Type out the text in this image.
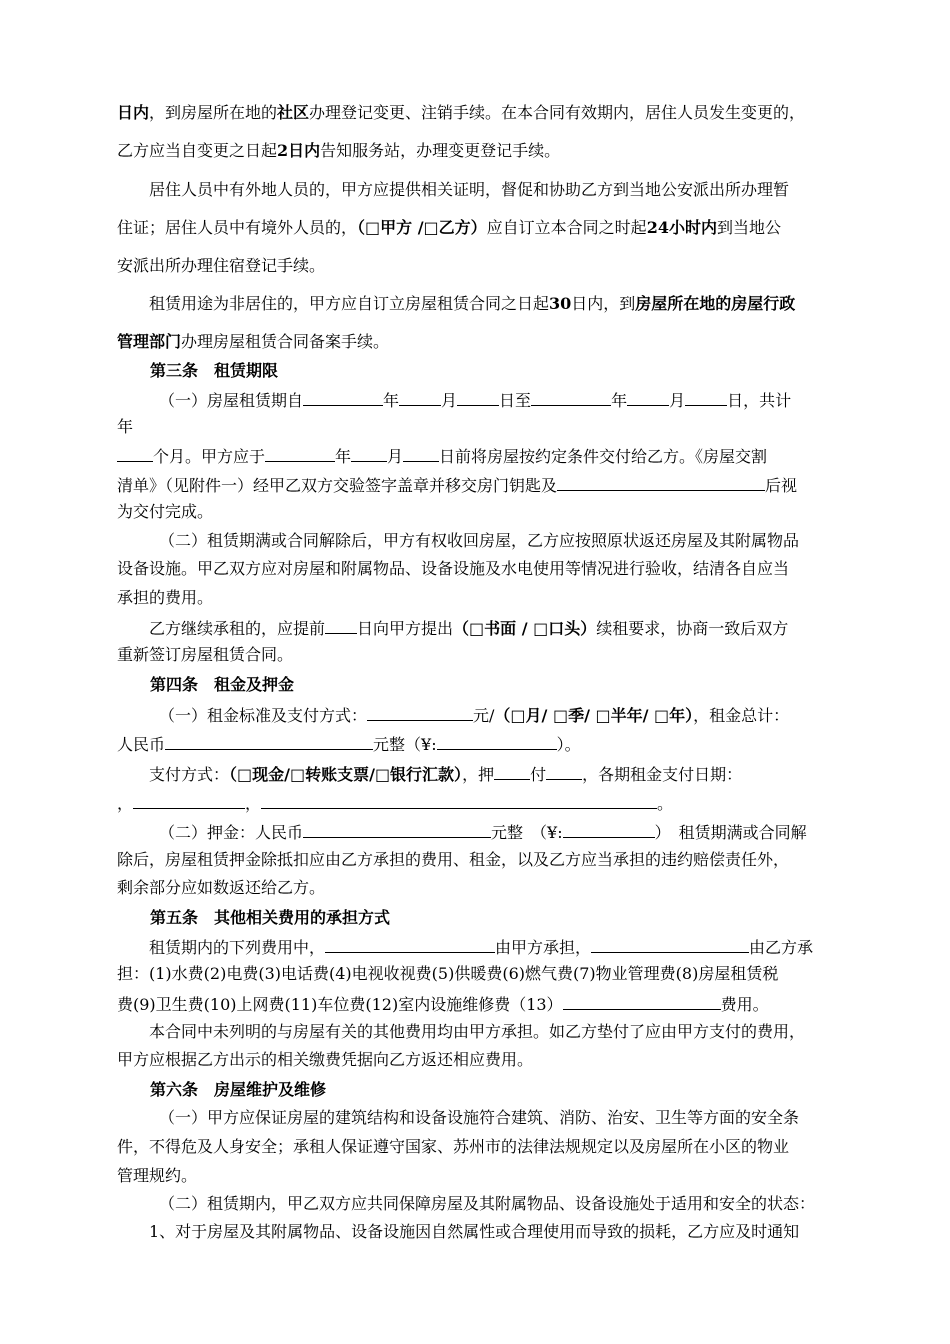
日内，到房屋所在地的社区办理登记变更、注销手续。在本合同有效期内，居住人员发生变更的，
乙方应当自变更之日起2日内告知服务站，办理变更登记手续。
居住人员中有外地人员的，甲方应提供相关证明，督促和协助乙方到当地公安派出所办理暂
住证；居住人员中有境外人员的，（□甲方 /□乙方）应自订立本合同之时起24小时内到当地公
安派出所办理住宿登记手续。
租赁用途为非居住的，甲方应自订立房屋租赁合同之日起30日内，到房屋所在地的房屋行政
管理部门办理房屋租赁合同备案手续。
第三条　租赁期限
（一）房屋租赁期自	年	月	日至	年	月	日，共计
年
个月。甲方应于	年 月 日前将房屋按约定条件交付给乙方。《房屋交割
清单》（见附件一）经甲乙双方交验签字盖章并移交房门钥匙及	后视
为交付完成。
（二）租赁期满或合同解除后，甲方有权收回房屋，乙方应按照原状返还房屋及其附属物品
设备设施。甲乙双方应对房屋和附属物品、设备设施及水电使用等情况进行验收，结清各自应当
承担的费用。
乙方继续承租的，应提前 日向甲方提出（□书面 / □口头）续租要求，协商一致后双方
重新签订房屋租赁合同。
第四条　租金及押金
（一）租金标准及支付方式：	元/（□月/ □季/ □半年/ □年），租金总计：
人民币	元整（¥:	）。
支付方式：（□现金/□转账支票/□银行汇款），押 付 ，各期租金支付日期：
，	，	。
（二）押金：人民币	元整　（¥:	）　租赁期满或合同解
除后，房屋租赁押金除抵扣应由乙方承担的费用、租金，以及乙方应当承担的违约赔偿责任外，
剩余部分应如数返还给乙方。
第五条　其他相关费用的承担方式
租赁期内的下列费用中，	由甲方承担，	由乙方承
担：(1)水费(2)电费(3)电话费(4)电视收视费(5)供暖费(6)燃气费(7)物业管理费(8)房屋租赁税
费(9)卫生费(10)上网费(11)车位费(12)室内设施维修费（13）	费用。
本合同中未列明的与房屋有关的其他费用均由甲方承担。如乙方垫付了应由甲方支付的费用，
甲方应根据乙方出示的相关缴费凭据向乙方返还相应费用。
第六条　房屋维护及维修
（一）甲方应保证房屋的建筑结构和设备设施符合建筑、消防、治安、卫生等方面的安全条
件，不得危及人身安全；承租人保证遵守国家、苏州市的法律法规规定以及房屋所在小区的物业
管理规约。
（二）租赁期内，甲乙双方应共同保障房屋及其附属物品、设备设施处于适用和安全的状态：
1、对于房屋及其附属物品、设备设施因自然属性或合理使用而导致的损耗，乙方应及时通知
